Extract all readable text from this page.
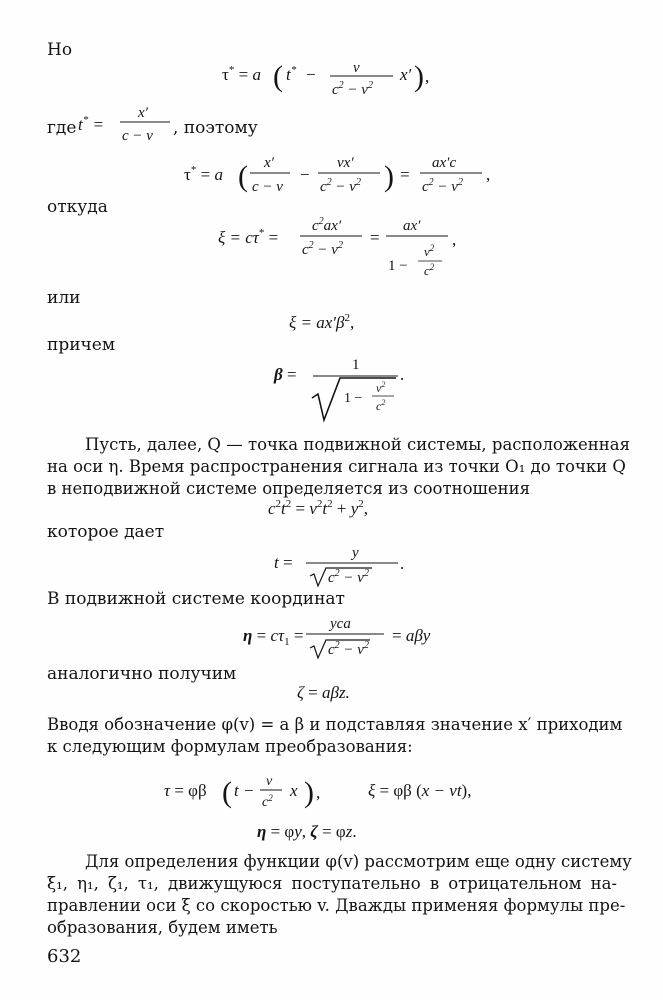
Но
τ* = a ( t* − v
$c^2 - v^2$
x′ ) ,
t* =
x′
c − v
τ* = a ( x′
c − v
−
vx′
$c^2 - v^2$ ) =
ax′c
$c^2 - v^2$ ,
ξ = cτ* =
$c^2ax'$
$c^2 - v^2$ =
ax′
1 −
$v^2$
$c^2$
,
$\xi = ax'\beta^2$,
β =	1
1 −
$v^2$
$c^2$
.
$c^2t^2 = v^2t^2 + y^2$,
t =	y
$c^2 - v^2$
.
$\eta = c\tau_1$ =
yca
$c^2 - v^2$
= aβy
ζ = aβz.
τ = φβ ( t − v
$c^2$ x ) ,	ξ = φβ (x − vt),
η = φy, ζ = φz.
где	, поэтому
откуда
или
причем
Пусть, далее, Q — точка подвижной системы, расположенная
на оси η. Время распространения сигнала из точки O₁ до точки Q
в неподвижной системе определяется из соотношения
которое дает
В подвижной системе координат
аналогично получим
Вводя обозначение φ(v) = a β и подставляя значение x′ приходим
к следующим формулам преобразования:
Для определения функции φ(v) рассмотрим еще одну систему
ξ₁, η₁, ζ₁, τ₁, движущуюся поступательно в отрицательном на-
правлении оси ξ со скоростью v. Дважды применяя формулы пре-
образования, будем иметь
632
